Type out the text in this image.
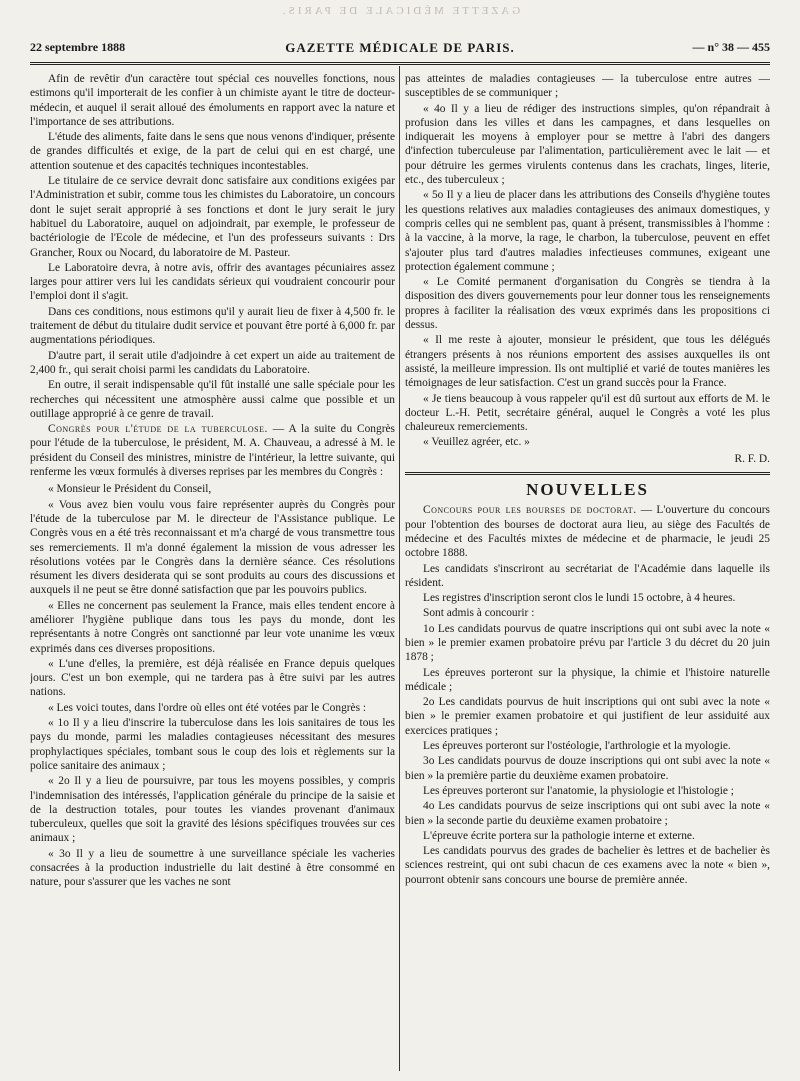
GAZETTE MÉDICALE DE PARIS.
22 septembre 1888	GAZETTE MÉDICALE DE PARIS.	— n° 38 — 455

Afin de revêtir d'un caractère tout spécial ces nouvelles fonctions, nous estimons qu'il importerait de les confier à un chimiste ayant le titre de docteur-médecin, et auquel il serait alloué des émoluments en rapport avec la nature et l'importance de ses attributions.

L'étude des aliments, faite dans le sens que nous venons d'indiquer, présente de grandes difficultés et exige, de la part de celui qui en est chargé, une attention soutenue et des capacités techniques incontestables.

Le titulaire de ce service devrait donc satisfaire aux conditions exigées par l'Administration et subir, comme tous les chimistes du Laboratoire, un concours dont le sujet serait approprié à ses fonctions et dont le jury serait le jury habituel du Laboratoire, auquel on adjoindrait, par exemple, le professeur de bactériologie de l'Ecole de médecine, et l'un des professeurs suivants : Drs Grancher, Roux ou Nocard, du laboratoire de M. Pasteur.

Le Laboratoire devra, à notre avis, offrir des avantages pécuniaires assez larges pour attirer vers lui les candidats sérieux qui voudraient concourir pour l'emploi dont il s'agit.

Dans ces conditions, nous estimons qu'il y aurait lieu de fixer à 4,500 fr. le traitement de début du titulaire dudit service et pouvant être porté à 6,000 fr. par augmentations périodiques.

D'autre part, il serait utile d'adjoindre à cet expert un aide au traitement de 2,400 fr., qui serait choisi parmi les candidats du Laboratoire.

En outre, il serait indispensable qu'il fût installé une salle spéciale pour les recherches qui nécessitent une atmosphère aussi calme que possible et un outillage approprié à ce genre de travail.

Congrès pour l'étude de la tuberculose. — A la suite du Congrès pour l'étude de la tuberculose, le président, M. A. Chauveau, a adressé à M. le président du Conseil des ministres, ministre de l'intérieur, la lettre suivante, qui renferme les vœux formulés à diverses reprises par les membres du Congrès :

« Monsieur le Président du Conseil,

« Vous avez bien voulu vous faire représenter auprès du Congrès pour l'étude de la tuberculose par M. le directeur de l'Assistance publique. Le Congrès vous en a été très reconnaissant et m'a chargé de vous transmettre tous ses remerciements. Il m'a donné également la mission de vous adresser les résolutions votées par le Congrès dans la dernière séance. Ces résolutions résument les divers desiderata qui se sont produits au cours des discussions et auxquels il ne peut se être donné satisfaction que par les pouvoirs publics.

« Elles ne concernent pas seulement la France, mais elles tendent encore à améliorer l'hygiène publique dans tous les pays du monde, dont les représentants à notre Congrès ont sanctionné par leur vote unanime les vœux exprimés dans ces diverses propositions.

« L'une d'elles, la première, est déjà réalisée en France depuis quelques jours. C'est un bon exemple, qui ne tardera pas à être suivi par les autres nations.

« Les voici toutes, dans l'ordre où elles ont été votées par le Congrès :

« 1o Il y a lieu d'inscrire la tuberculose dans les lois sanitaires de tous les pays du monde, parmi les maladies contagieuses nécessitant des mesures prophylactiques spéciales, tombant sous le coup des lois et règlements sur la police sanitaire des animaux ;

« 2o Il y a lieu de poursuivre, par tous les moyens possibles, y compris l'indemnisation des intéressés, l'application générale du principe de la saisie et de la destruction totales, pour toutes les viandes provenant d'animaux tuberculeux, quelles que soit la gravité des lésions spécifiques trouvées sur ces animaux ;

« 3o Il y a lieu de soumettre à une surveillance spéciale les vacheries consacrées à la production industrielle du lait destiné à être consommé en nature, pour s'assurer que les vaches ne sont

pas atteintes de maladies contagieuses — la tuberculose entre autres — susceptibles de se communiquer ;

« 4o Il y a lieu de rédiger des instructions simples, qu'on répandrait à profusion dans les villes et dans les campagnes, et dans lesquelles on indiquerait les moyens à employer pour se mettre à l'abri des dangers d'infection tuberculeuse par l'alimentation, particulièrement avec le lait — et pour détruire les germes virulents contenus dans les crachats, linges, literie, etc., des tuberculeux ;

« 5o Il y a lieu de placer dans les attributions des Conseils d'hygiène toutes les questions relatives aux maladies contagieuses des animaux domestiques, y compris celles qui ne semblent pas, quant à présent, transmissibles à l'homme : à la vaccine, à la morve, la rage, le charbon, la tuberculose, peuvent en effet s'ajouter plus tard d'autres maladies infectieuses communes, exigeant une protection également commune ;

« Le Comité permanent d'organisation du Congrès se tiendra à la disposition des divers gouvernements pour leur donner tous les renseignements propres à faciliter la réalisation des vœux exprimés dans les propositions ci dessus.

« Il me reste à ajouter, monsieur le président, que tous les délégués étrangers présents à nos réunions emportent des assises auxquelles ils ont assisté, la meilleure impression. Ils ont multiplié et varié de toutes manières les témoignages de leur satisfaction. C'est un grand succès pour la France.

« Je tiens beaucoup à vous rappeler qu'il est dû surtout aux efforts de M. le docteur L.-H. Petit, secrétaire général, auquel le Congrès a voté les plus chaleureux remerciements.

« Veuillez agréer, etc. »

R. F. D.
NOUVELLES

Concours pour les bourses de doctorat. — L'ouverture du concours pour l'obtention des bourses de doctorat aura lieu, au siège des Facultés de médecine et des Facultés mixtes de médecine et de pharmacie, le jeudi 25 octobre 1888.

Les candidats s'inscriront au secrétariat de l'Académie dans laquelle ils résident.

Les registres d'inscription seront clos le lundi 15 octobre, à 4 heures.

Sont admis à concourir :

1o Les candidats pourvus de quatre inscriptions qui ont subi avec la note « bien » le premier examen probatoire prévu par l'article 3 du décret du 20 juin 1878 ;

Les épreuves porteront sur la physique, la chimie et l'histoire naturelle médicale ;

2o Les candidats pourvus de huit inscriptions qui ont subi avec la note « bien » le premier examen probatoire et qui justifient de leur assiduité aux exercices pratiques ;

Les épreuves porteront sur l'ostéologie, l'arthrologie et la myologie.

3o Les candidats pourvus de douze inscriptions qui ont subi avec la note « bien » la première partie du deuxième examen probatoire.

Les épreuves porteront sur l'anatomie, la physiologie et l'histologie ;

4o Les candidats pourvus de seize inscriptions qui ont subi avec la note « bien » la seconde partie du deuxième examen probatoire ;

L'épreuve écrite portera sur la pathologie interne et externe.

Les candidats pourvus des grades de bachelier ès lettres et de bachelier ès sciences restreint, qui ont subi chacun de ces examens avec la note « bien », pourront obtenir sans concours une bourse de première année.
